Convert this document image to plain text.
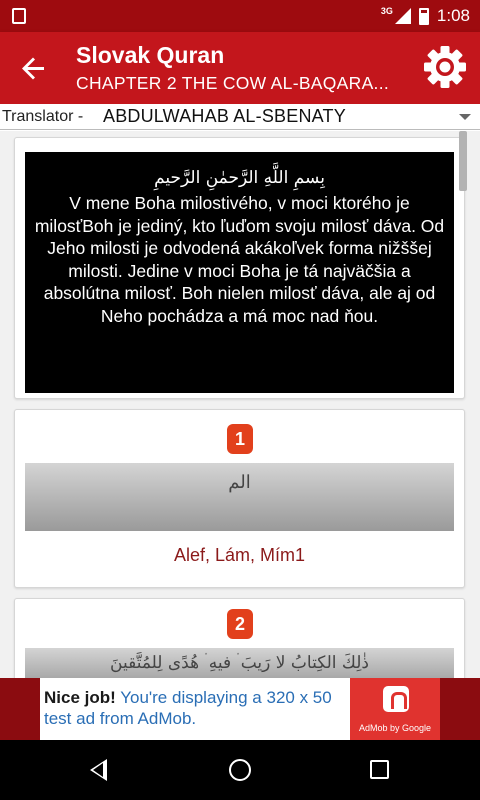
3G	1:08
Slovak Quran
CHAPTER 2 THE COW AL-BAQARA...
Translator - ABDULWAHAB AL-SBENATY
بِسمِ اللَّهِ الرَّحمٰنِ الرَّحيمِ
V mene Boha milostivého, v moci ktorého je milosťBoh je jediný, kto ľuďom svoju milosť dáva. Od Jeho milosti je odvodená akákoľvek forma nižššej milosti. Jedine v moci Boha je tá najväčšia a absolútna milosť. Boh nielen milosť dáva, ale aj od Neho pochádza a má moc nad ňou.
1
الم
Alef, Lám, Mím1
2
ذٰلِكَ الكِتابُ لا رَيبَ ۛ فيهِ ۛ هُدًى لِلمُتَّقينَ
Nice job! You're displaying a 320 x 50 test ad from AdMob.	AdMob by Google
